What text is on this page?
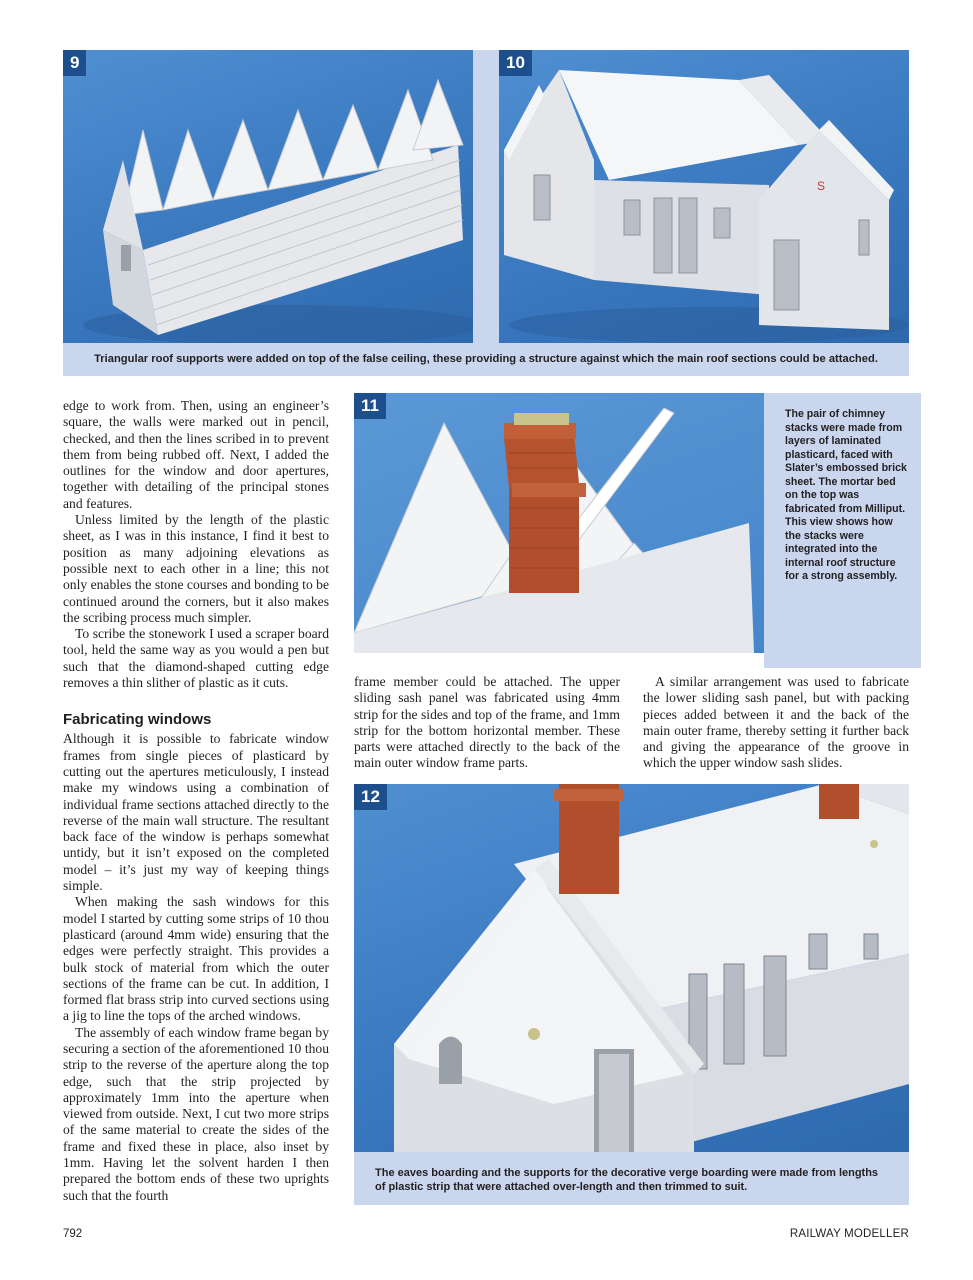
9
S
10
Triangular roof supports were added on top of the false ceiling, these providing a structure against which the main roof sections could be attached.

edge to work from. Then, using an engineer’s square, the walls were marked out in pencil, checked, and then the lines scribed in to prevent them from being rubbed off. Next, I added the outlines for the window and door apertures, together with detailing of the principal stones and features.

Unless limited by the length of the plastic sheet, as I was in this instance, I find it best to position as many adjoining elevations as possible next to each other in a line; this not only enables the stone courses and bonding to be continued around the corners, but it also makes the scribing process much simpler.

To scribe the stonework I used a scraper board tool, held the same way as you would a pen but such that the diamond-shaped cutting edge removes a thin slither of plastic as it cuts.

Fabricating windows

Although it is possible to fabricate window frames from single pieces of plasticard by cutting out the apertures meticulously, I instead make my windows using a combination of individual frame sections attached directly to the reverse of the main wall structure. The resultant back face of the window is perhaps somewhat untidy, but it isn’t exposed on the completed model – it’s just my way of keeping things simple.

When making the sash windows for this model I started by cutting some strips of 10 thou plasticard (around 4mm wide) ensuring that the edges were perfectly straight. This provides a bulk stock of material from which the outer sections of the frame can be cut. In addition, I formed flat brass strip into curved sections using a jig to line the tops of the arched windows.

The assembly of each window frame began by securing a section of the aforementioned 10 thou strip to the reverse of the aperture along the top edge, such that the strip projected by approximately 1mm into the aperture when viewed from outside. Next, I cut two more strips of the same material to create the sides of the frame and fixed these in place, also inset by 1mm. Having let the solvent harden I then prepared the bottom ends of these two uprights such that the fourth

11	The pair of chimney stacks were made from layers of laminated plasticard, faced with Slater’s embossed brick sheet. The mortar bed on the top was fabricated from Milliput. This view shows how the stacks were integrated into the internal roof structure for a strong assembly.

frame member could be attached. The upper sliding sash panel was fabricated using 4mm strip for the sides and top of the frame, and 1mm strip for the bottom horizontal member. These parts were attached directly to the back of the main outer window frame parts.

A similar arrangement was used to fabricate the lower sliding sash panel, but with packing pieces added between it and the back of the main outer frame, thereby setting it further back and giving the appearance of the groove in which the upper window sash slides.

12
The eaves boarding and the supports for the decorative verge boarding were made from lengths of plastic strip that were attached over-length and then trimmed to suit.
792	RAILWAY MODELLER
